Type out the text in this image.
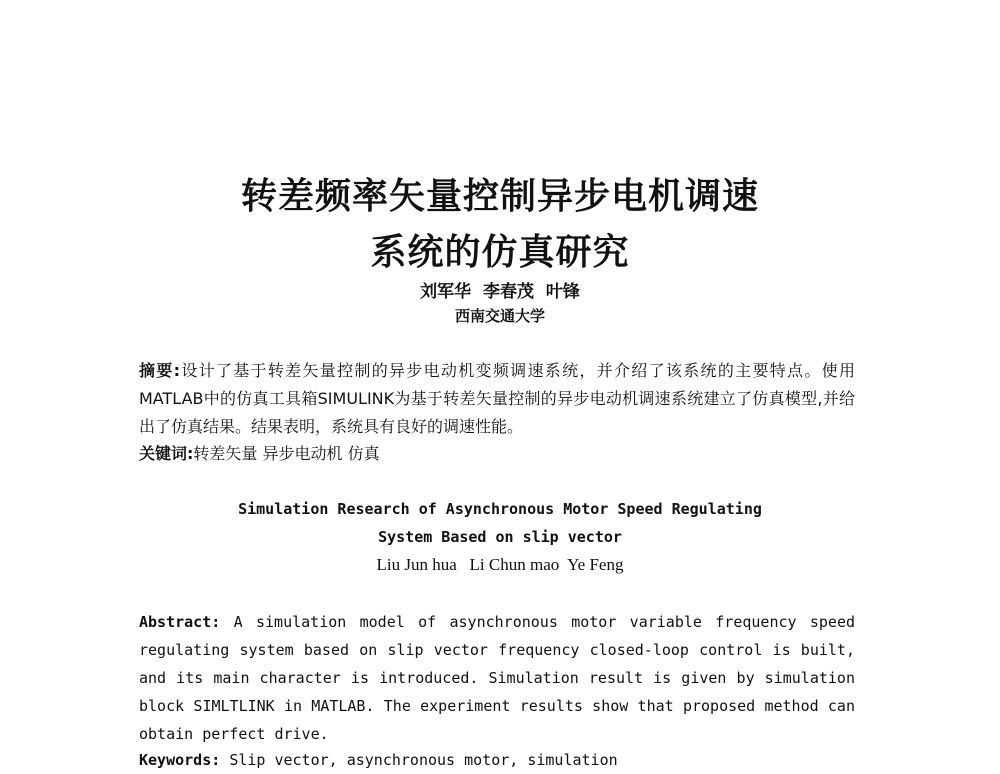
转差频率矢量控制异步电机调速
系统的仿真研究
刘军华 李春茂 叶锋
西南交通大学
摘要:设计了基于转差矢量控制的异步电动机变频调速系统，并介绍了该系统的主要特点。使用MATLAB中的仿真工具箱SIMULINK为基于转差矢量控制的异步电动机调速系统建立了仿真模型,并给出了仿真结果。结果表明，系统具有良好的调速性能。
关键词:转差矢量 异步电动机 仿真
Simulation Research of Asynchronous Motor Speed Regulating
System Based on slip vector
Liu Jun hua   Li Chun mao  Ye Feng
Abstract: A simulation model of asynchronous motor variable frequency speed regulating system based on slip vector frequency closed-loop control is built, and its main character is introduced. Simulation result is given by simulation block SIMLTLINK in MATLAB. The experiment results show that proposed method can obtain perfect drive.
Keywords: Slip vector, asynchronous motor, simulation
